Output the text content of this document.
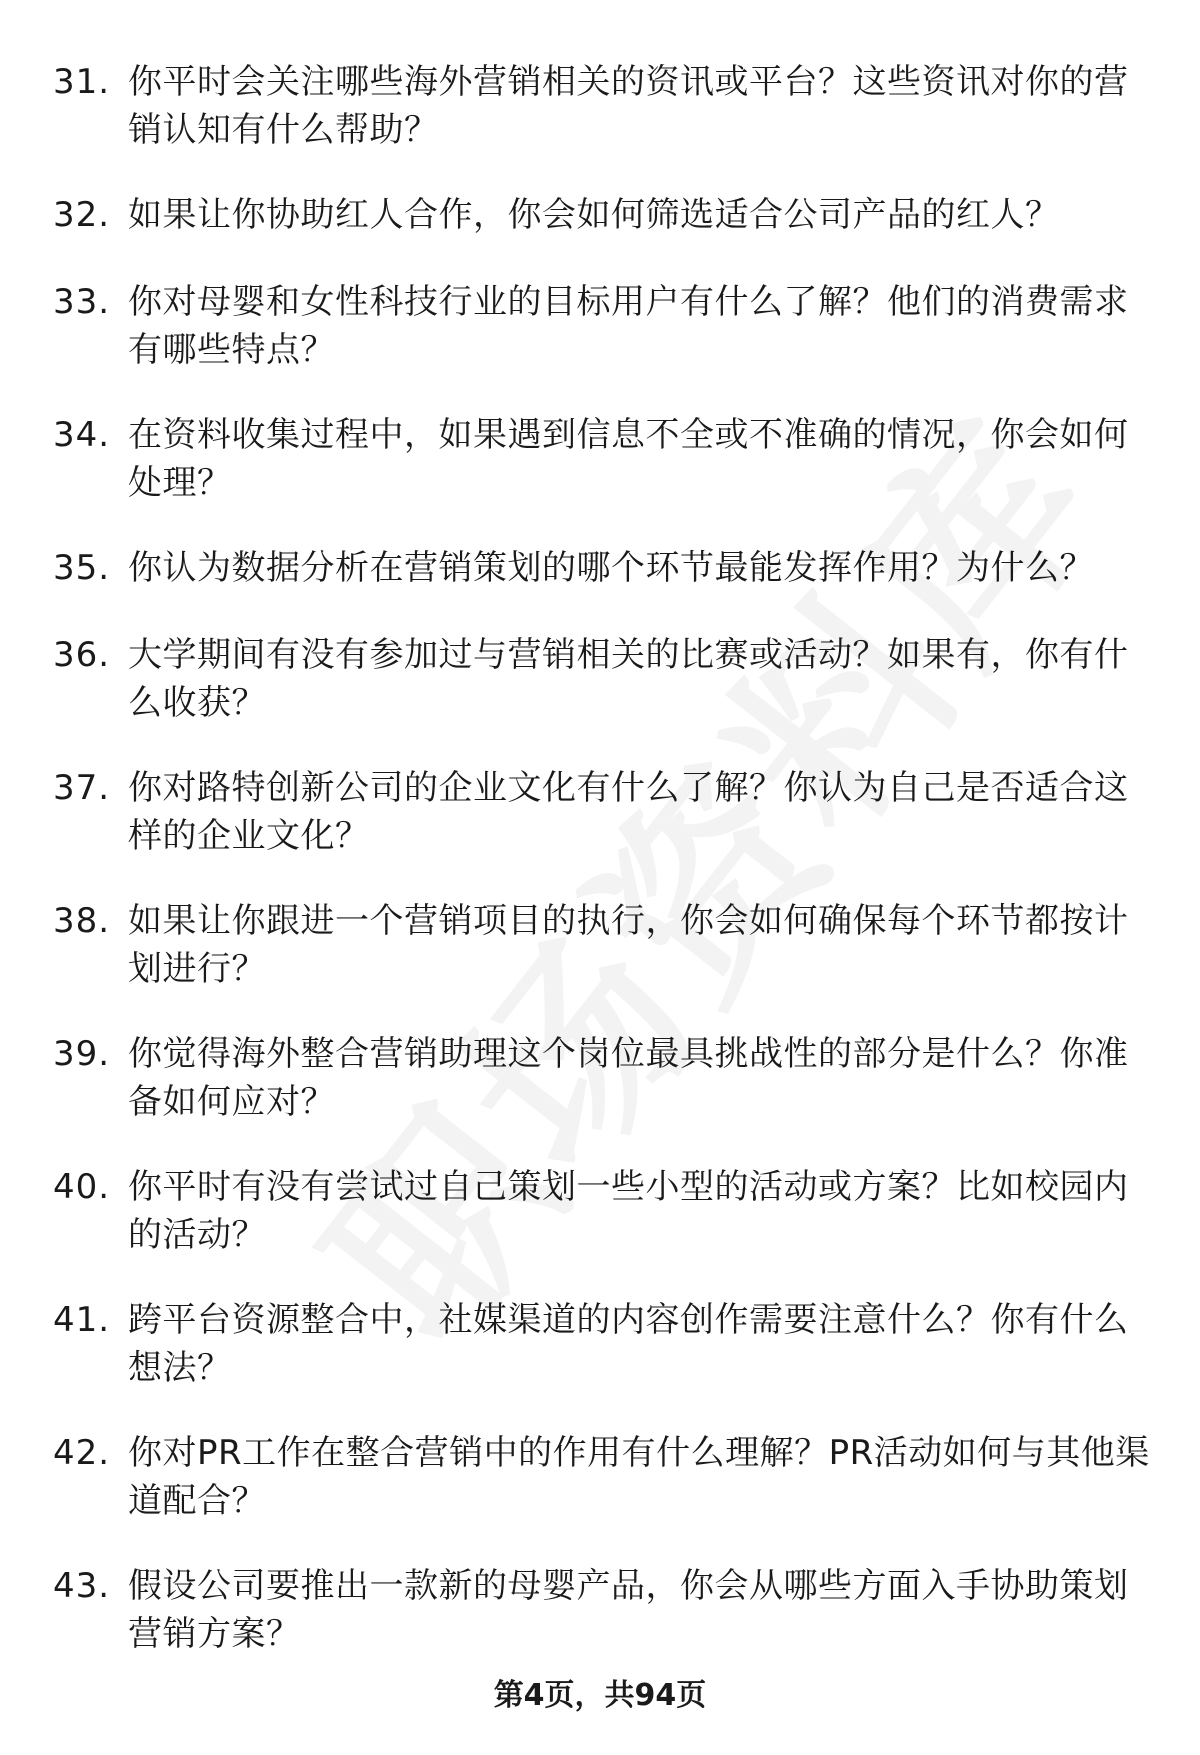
31. 你平时会关注哪些海外营销相关的资讯或平台？这些资讯对你的营销认知有什么帮助？
32. 如果让你协助红人合作，你会如何筛选适合公司产品的红人？
33. 你对母婴和女性科技行业的目标用户有什么了解？他们的消费需求有哪些特点？
34. 在资料收集过程中，如果遇到信息不全或不准确的情况，你会如何处理？
35. 你认为数据分析在营销策划的哪个环节最能发挥作用？为什么？
36. 大学期间有没有参加过与营销相关的比赛或活动？如果有，你有什么收获？
37. 你对路特创新公司的企业文化有什么了解？你认为自己是否适合这样的企业文化？
38. 如果让你跟进一个营销项目的执行，你会如何确保每个环节都按计划进行？
39. 你觉得海外整合营销助理这个岗位最具挑战性的部分是什么？你准备如何应对？
40. 你平时有没有尝试过自己策划一些小型的活动或方案？比如校园内的活动？
41. 跨平台资源整合中，社媒渠道的内容创作需要注意什么？你有什么想法？
42. 你对PR工作在整合营销中的作用有什么理解？PR活动如何与其他渠道配合？
43. 假设公司要推出一款新的母婴产品，你会从哪些方面入手协助策划营销方案？
第4页，共94页
